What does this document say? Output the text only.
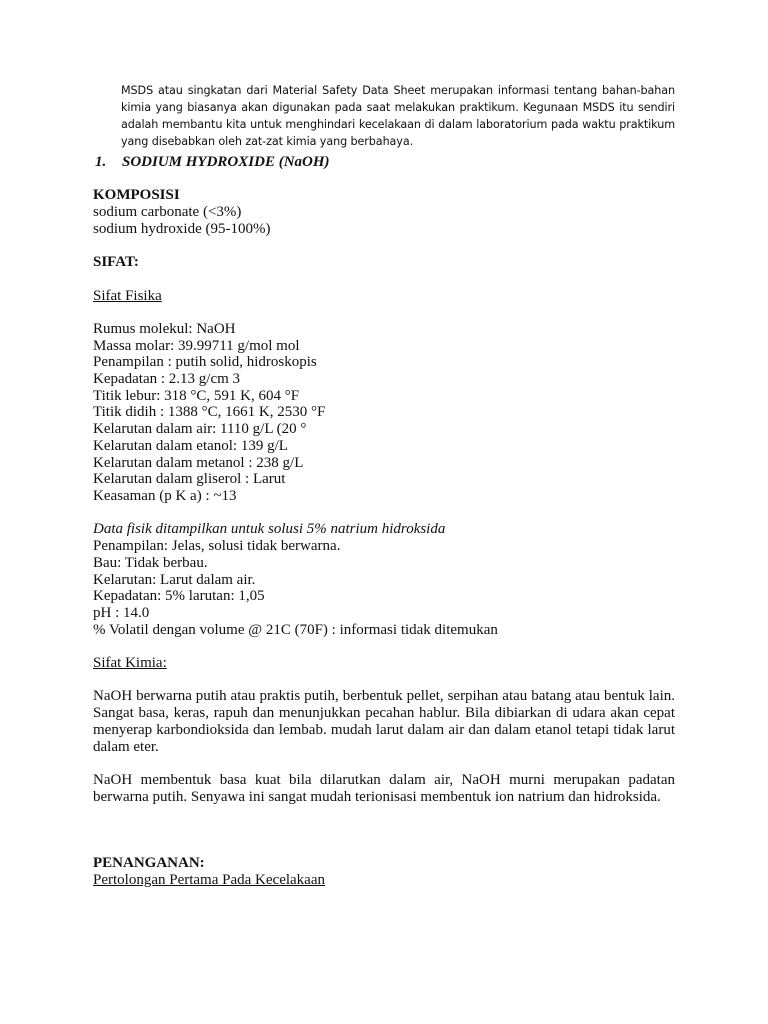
MSDS atau singkatan dari Material Safety Data Sheet merupakan informasi tentang bahan-bahan kimia yang biasanya akan digunakan pada saat melakukan praktikum. Kegunaan MSDS itu sendiri adalah membantu kita untuk menghindari kecelakaan di dalam laboratorium pada waktu praktikum yang disebabkan oleh zat-zat kimia yang berbahaya.

1. SODIUM HYDROXIDE (NaOH)

KOMPOSISI

sodium carbonate (<3%)

sodium hydroxide (95-100%)

SIFAT:

Sifat Fisika

Rumus molekul: NaOH

Massa molar: 39.99711 g/mol mol

Penampilan : putih solid, hidroskopis

Kepadatan : 2.13 g/cm 3

Titik lebur: 318 °C, 591 K, 604 °F

Titik didih : 1388 °C, 1661 K, 2530 °F

Kelarutan dalam air: 1110 g/L (20 °

Kelarutan dalam etanol: 139 g/L

Kelarutan dalam metanol : 238 g/L

Kelarutan dalam gliserol : Larut

Keasaman (p K a) : ~13

Data fisik ditampilkan untuk solusi 5% natrium hidroksida

Penampilan: Jelas, solusi tidak berwarna.

Bau: Tidak berbau.

Kelarutan: Larut dalam air.

Kepadatan: 5% larutan: 1,05

pH : 14.0

% Volatil dengan volume @ 21C (70F) : informasi tidak ditemukan

Sifat Kimia:

NaOH berwarna putih atau praktis putih, berbentuk pellet, serpihan atau batang atau bentuk lain. Sangat basa, keras, rapuh dan menunjukkan pecahan hablur. Bila dibiarkan di udara akan cepat menyerap karbondioksida dan lembab. mudah larut dalam air dan dalam etanol tetapi tidak larut dalam eter.

NaOH membentuk basa kuat bila dilarutkan dalam air, NaOH murni merupakan padatan berwarna putih. Senyawa ini sangat mudah terionisasi membentuk ion natrium dan hidroksida.

PENANGANAN:

Pertolongan Pertama Pada Kecelakaan
